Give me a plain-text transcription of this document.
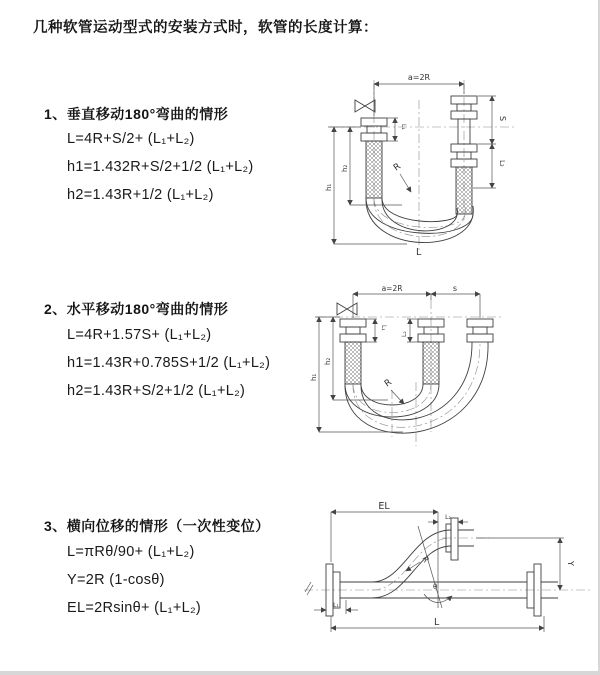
几种软管运动型式的安装方式时，软管的长度计算：
1、垂直移动180°弯曲的情形
L=4R+S/2+ (L₁+L₂)
h1=1.432R+S/2+1/2 (L₁+L₂)
h2=1.43R+1/2 (L₁+L₂)
2、水平移动180°弯曲的情形
L=4R+1.57S+ (L₁+L₂)
h1=1.43R+0.785S+1/2 (L₁+L₂)
h2=1.43R+S/2+1/2 (L₁+L₂)
3、横向位移的情形（一次性变位）
L=πRθ/90+ (L₁+L₂)
Y=2R (1-cosθ)
EL=2Rsinθ+ (L₁+L₂)
a=2R
R
S
L₂
L₁
h₁
h₂
L
a=2R	s
R
h₁
h₂
L₁
L₂
EL
L₂
θ
R	Y
L
L₁
